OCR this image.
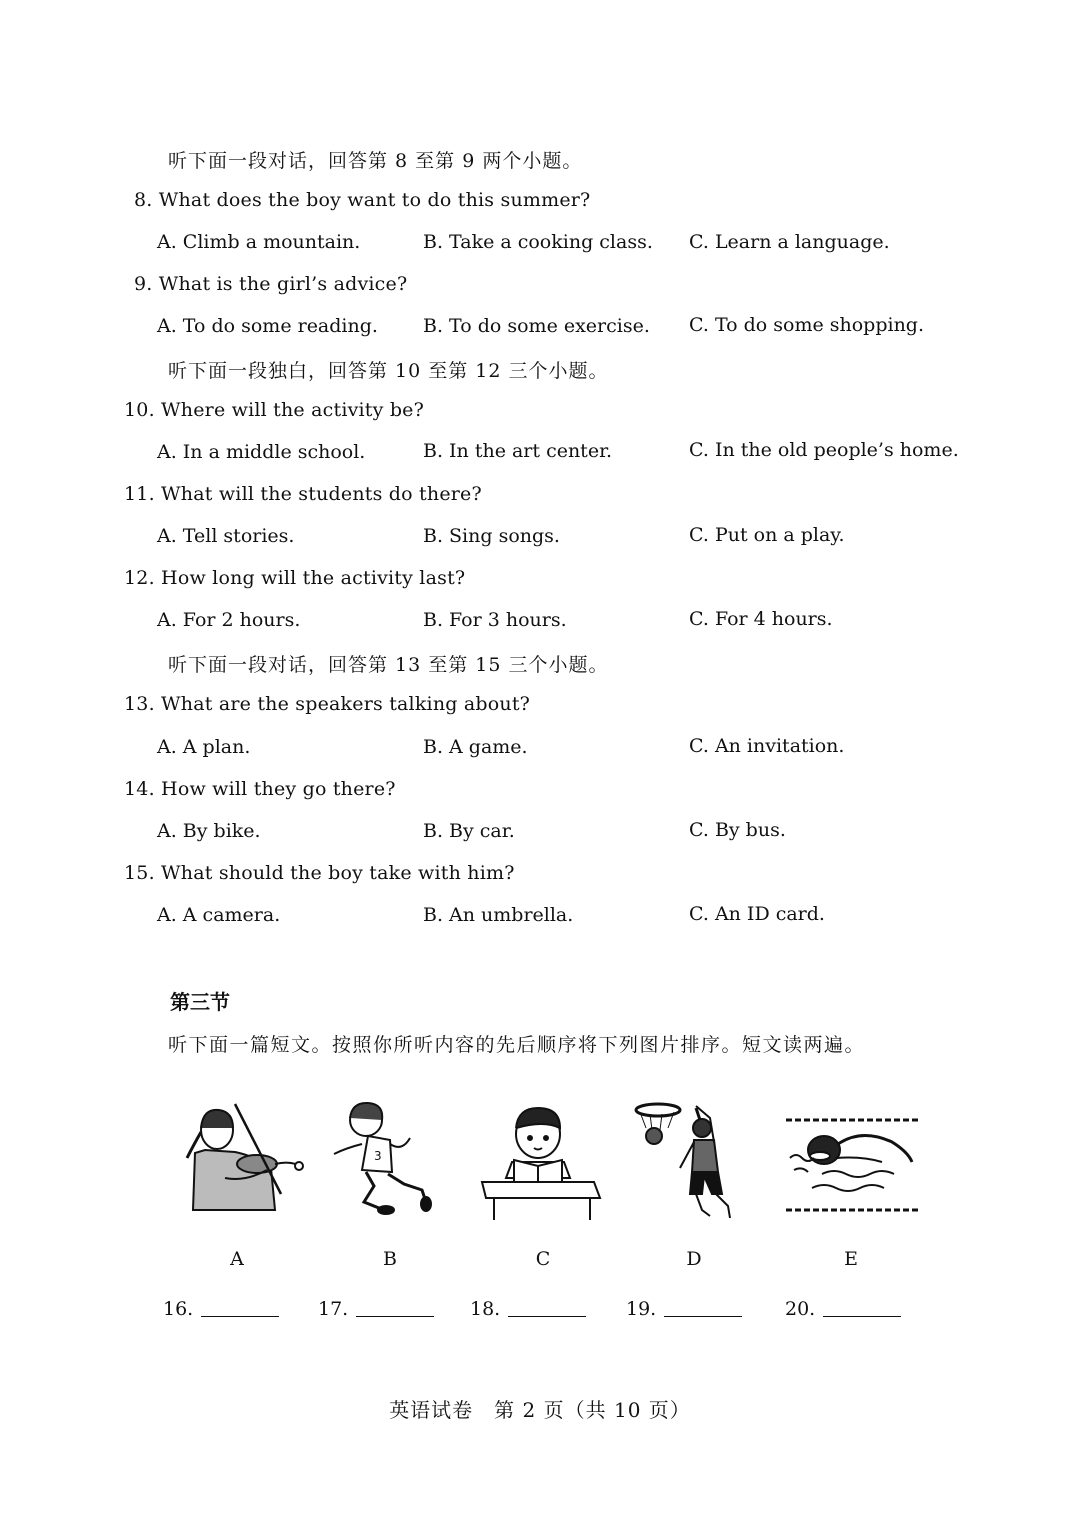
听下面一段对话，回答第 8 至第 9 两个小题。
8. What does the boy want to do this summer?
A. Climb a mountain.	B. Take a cooking class. C. Learn a language.
9. What is the girl’s advice?
A. To do some reading. B. To do some exercise. C. To do some shopping.
听下面一段独白，回答第 10 至第 12 三个小题。
10. Where will the activity be?
A. In a middle school.	B. In the art center.	C. In the old people’s home.
11. What will the students do there?
A. Tell stories.	B. Sing songs.	C. Put on a play.
12. How long will the activity last?
A. For 2 hours.	B. For 3 hours.	C. For 4 hours.
听下面一段对话，回答第 13 至第 15 三个小题。
13. What are the speakers talking about?
A. A plan.	B. A game.	C. An invitation.
14. How will they go there?
A. By bike.	B. By car.	C. By bus.
15. What should the boy take with him?
A. A camera.	B. An umbrella.	C. An ID card.
第三节
听下面一篇短文。按照你所听内容的先后顺序将下列图片排序。短文读两遍。
3
A	B	C	D	E
16.	17.	18.	19.	20.
英语试卷　第 2 页（共 10 页）
